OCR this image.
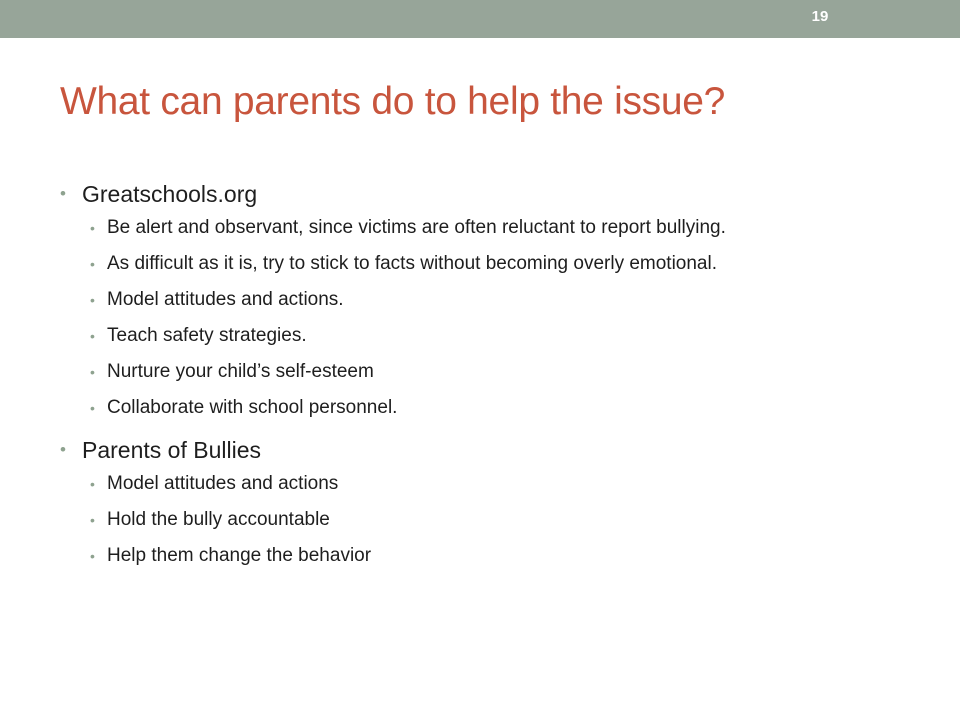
19
What can parents do to help the issue?
• Greatschools.org
• Be alert and observant, since victims are often reluctant to report bullying.
• As difficult as it is, try to stick to facts without becoming overly emotional.
• Model attitudes and actions.
• Teach safety strategies.
• Nurture your child’s self-esteem
• Collaborate with school personnel.
• Parents of Bullies
• Model attitudes and actions
• Hold the bully accountable
• Help them change the behavior
